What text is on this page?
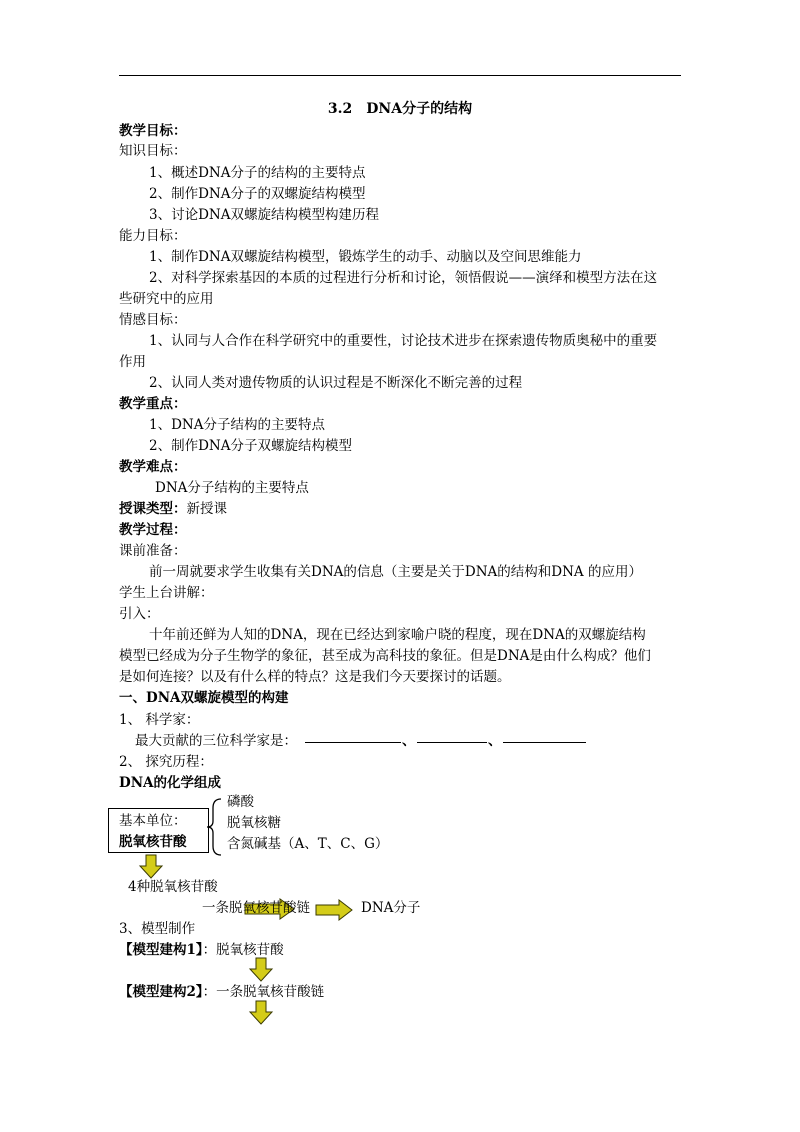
3.2　DNA分子的结构
教学目标：
知识目标：
1、概述DNA分子的结构的主要特点
2、制作DNA分子的双螺旋结构模型
3、讨论DNA双螺旋结构模型构建历程
能力目标：
1、制作DNA双螺旋结构模型，锻炼学生的动手、动脑以及空间思维能力
2、对科学探索基因的本质的过程进行分析和讨论，领悟假说——演绎和模型方法在这
些研究中的应用
情感目标：
1、认同与人合作在科学研究中的重要性，讨论技术进步在探索遗传物质奥秘中的重要
作用
2、认同人类对遗传物质的认识过程是不断深化不断完善的过程
教学重点：
1、DNA分子结构的主要特点
2、制作DNA分子双螺旋结构模型
教学难点：
DNA分子结构的主要特点
授课类型：新授课
教学过程：
课前准备：
前一周就要求学生收集有关DNA的信息（主要是关于DNA的结构和DNA 的应用）
学生上台讲解：
引入：
十年前还鲜为人知的DNA，现在已经达到家喻户晓的程度，现在DNA的双螺旋结构
模型已经成为分子生物学的象征，甚至成为高科技的象征。但是DNA是由什么构成？他们
是如何连接？以及有什么样的特点？这是我们今天要探讨的话题。
一、DNA双螺旋模型的构建
1、 科学家：
最大贡献的三位科学家是：	、	、
2、 探究历程：
DNA的化学组成
基本单位：
脱氧核苷酸
磷酸
脱氧核糖
含氮碱基（A、T、C、G）
4种脱氧核苷酸
一条脱氧核苷酸链	DNA分子
3、模型制作
【模型建构1】：脱氧核苷酸
【模型建构2】：一条脱氧核苷酸链
